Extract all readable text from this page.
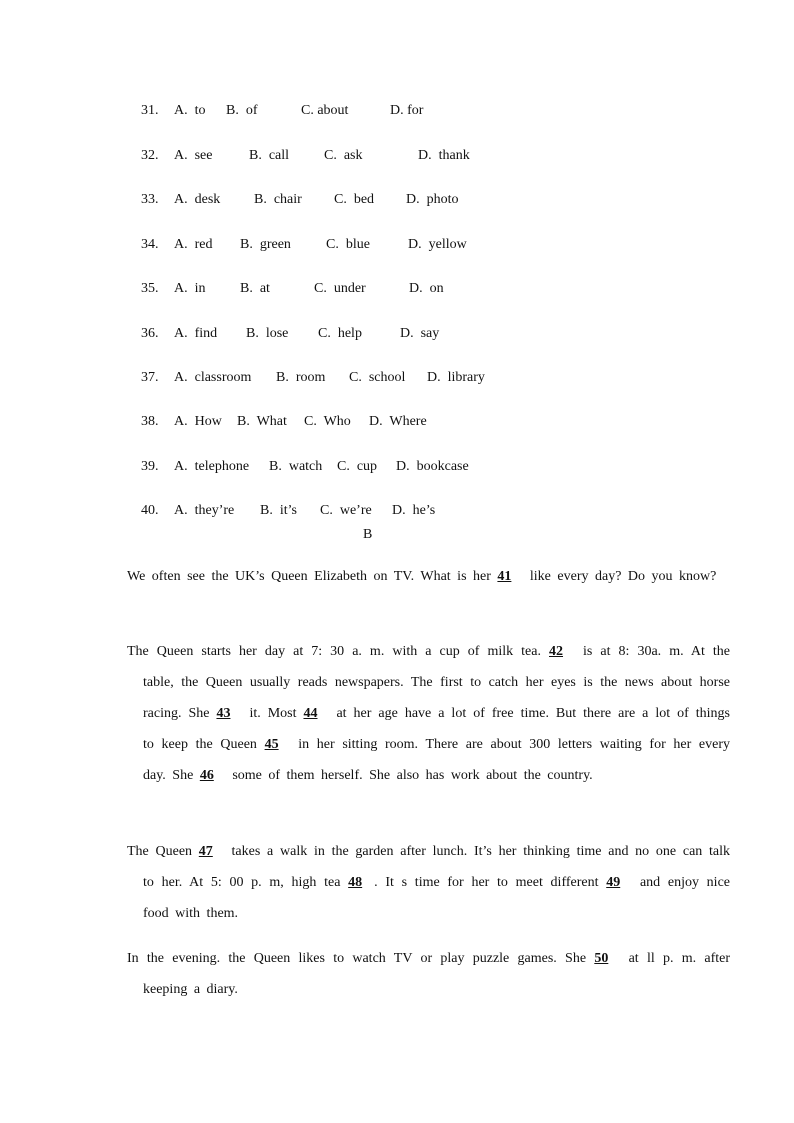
31. A.  to B.  of	C. about	D. for

32. A.  see	B.  call C.  ask	D.  thank

33. A.  desk B.  chair C.  bed D.  photo

34. A.  red B.  green	C.  blue	D.  yellow

35. A.  in B.  at	C.  under	D.  on

36. A.  find B.  lose C.  help	D.  say

37. A.  classroom B.  room C.  school D.  library

38. A.  How B.  What C.  Who D.  Where

39. A.  telephone B.  watch C.  cup D.  bookcase

40. A.  they’re B.  it’s C.  we’re D.  he’s

B
We often see the UK’s Queen Elizabeth on TV. What is her 41 like every day? Do you know?
The Queen starts her day at 7: 30 a. m. with a cup of milk tea. 42 is at 8: 30a. m. At the table, the Queen usually reads newspapers. The first to catch her eyes is the news about horse racing. She 43 it. Most 44 at her age have a lot of free time. But there are a lot of things to keep the Queen 45 in her sitting room. There are about 300 letters waiting for her every day. She 46 some of them herself. She also has work about the country.
The Queen 47 takes a walk in the garden after lunch. It’s her thinking time and no one can talk to her. At 5: 00 p. m, high tea 48 . It s time for her to meet different 49 and enjoy nice food with them.
In the evening. the Queen likes to watch TV or play puzzle games. She 50 at ll p. m. after keeping a diary.
